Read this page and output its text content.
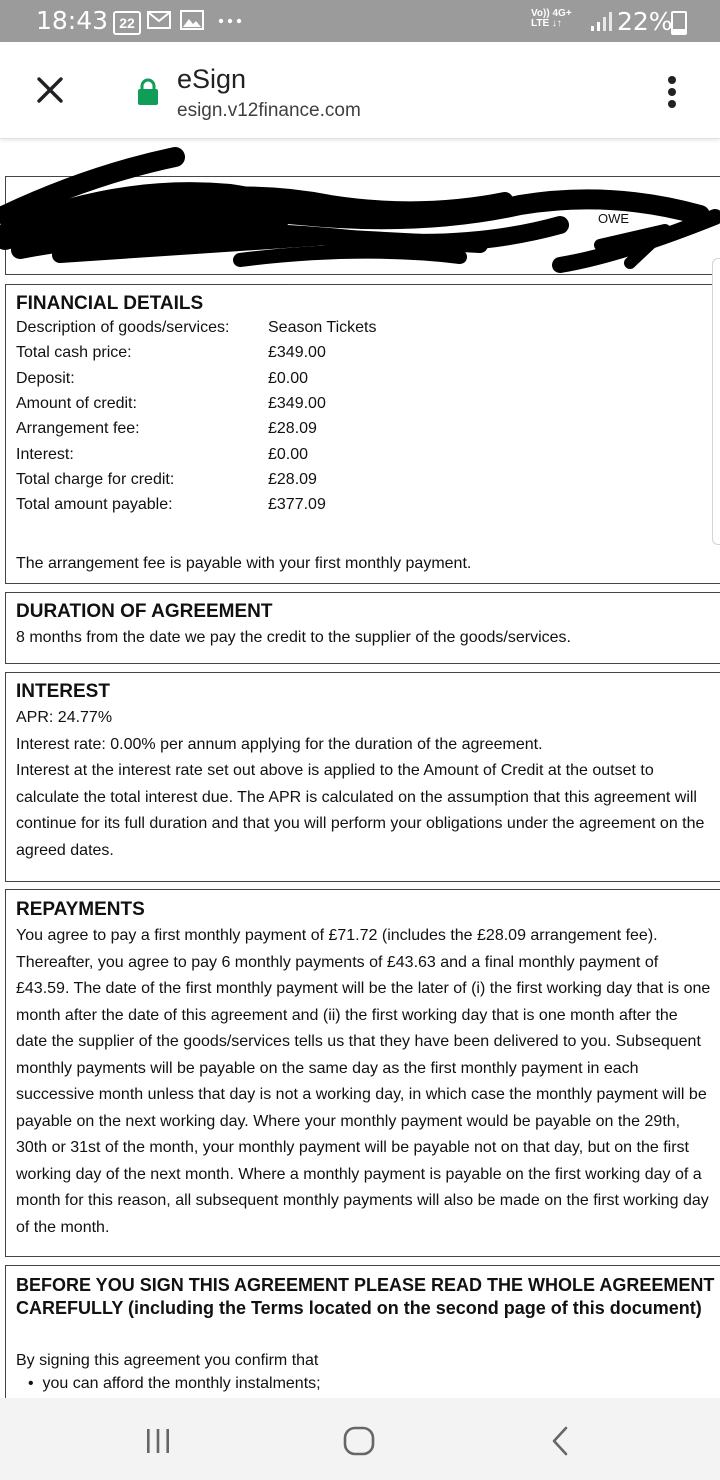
18:43 22
Vo)) 4G+
LTE ↓↑	22%
eSign
esign.v12finance.com
Mr	ls Degan	dai	OWE
FINANCIAL DETAILS
Description of goods/services: Season Tickets
Total cash price:	£349.00
Deposit:	£0.00
Amount of credit:	£349.00
Arrangement fee:	£28.09
Interest:	£0.00
Total charge for credit:	£28.09
Total amount payable:	£377.09
The arrangement fee is payable with your first monthly payment.
DURATION OF AGREEMENT
8 months from the date we pay the credit to the supplier of the goods/services.
INTEREST
APR: 24.77%
Interest rate: 0.00% per annum applying for the duration of the agreement.
Interest at the interest rate set out above is applied to the Amount of Credit at the outset to calculate the total interest due. The APR is calculated on the assumption that this agreement will continue for its full duration and that you will perform your obligations under the agreement on the agreed dates.
REPAYMENTS
You agree to pay a first monthly payment of £71.72 (includes the £28.09 arrangement fee). Thereafter, you agree to pay 6 monthly payments of £43.63 and a final monthly payment of £43.59. The date of the first monthly payment will be the later of (i) the first working day that is one month after the date of this agreement and (ii) the first working day that is one month after the date the supplier of the goods/services tells us that they have been delivered to you. Subsequent monthly payments will be payable on the same day as the first monthly payment in each successive month unless that day is not a working day, in which case the monthly payment will be payable on the next working day. Where your monthly payment would be payable on the 29th, 30th or 31st of the month, your monthly payment will be payable not on that day, but on the first working day of the next month. Where a monthly payment is payable on the first working day of a month for this reason, all subsequent monthly payments will also be made on the first working day of the month.
BEFORE YOU SIGN THIS AGREEMENT PLEASE READ THE WHOLE AGREEMENT CAREFULLY (including the Terms located on the second page of this document)
By signing this agreement you confirm that
•  you can afford the monthly instalments;
